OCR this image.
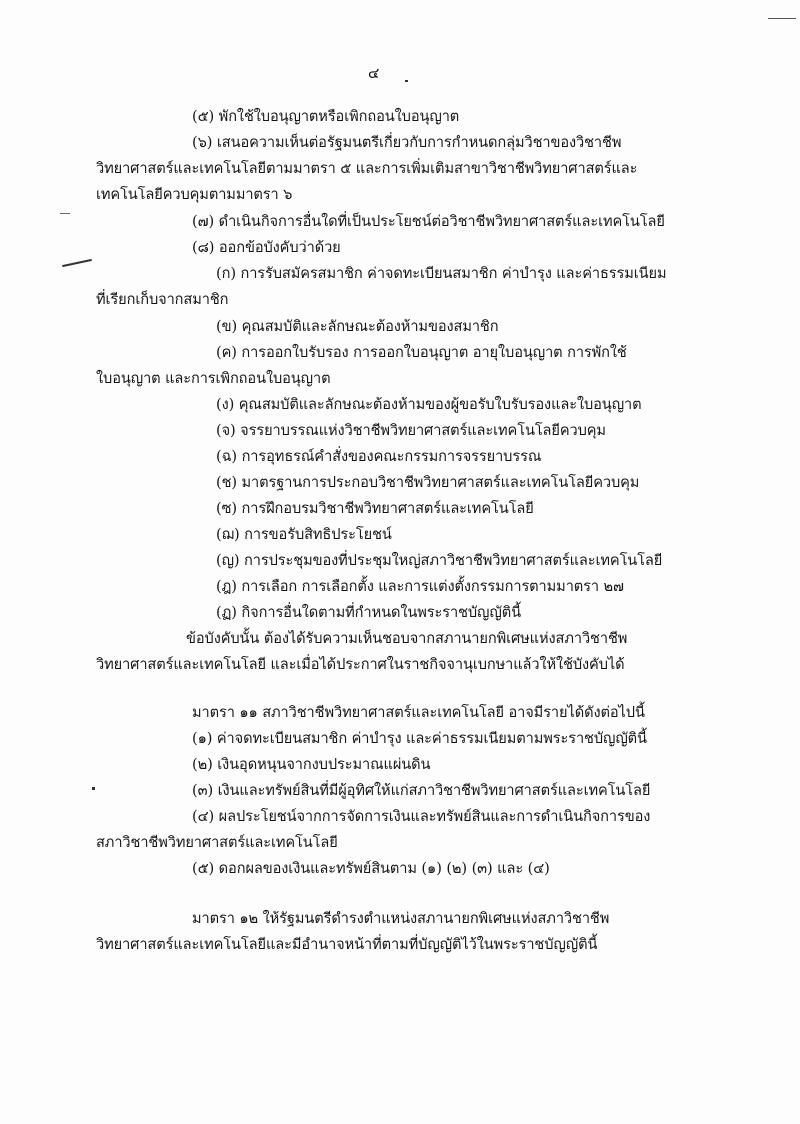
๔
(๕) พักใช้ใบอนุญาตหรือเพิกถอนใบอนุญาต
(๖) เสนอความเห็นต่อรัฐมนตรีเกี่ยวกับการกำหนดกลุ่มวิชาของวิชาชีพ
วิทยาศาสตร์และเทคโนโลยีตามมาตรา ๕ และการเพิ่มเติมสาขาวิชาชีพวิทยาศาสตร์และ
เทคโนโลยีควบคุมตามมาตรา ๖
(๗) ดำเนินกิจการอื่นใดที่เป็นประโยชน์ต่อวิชาชีพวิทยาศาสตร์และเทคโนโลยี
(๘) ออกข้อบังคับว่าด้วย
(ก) การรับสมัครสมาชิก ค่าจดทะเบียนสมาชิก ค่าบำรุง และค่าธรรมเนียม
ที่เรียกเก็บจากสมาชิก
(ข) คุณสมบัติและลักษณะต้องห้ามของสมาชิก
(ค) การออกใบรับรอง การออกใบอนุญาต อายุใบอนุญาต การพักใช้
ใบอนุญาต และการเพิกถอนใบอนุญาต
(ง) คุณสมบัติและลักษณะต้องห้ามของผู้ขอรับใบรับรองและใบอนุญาต
(จ) จรรยาบรรณแห่งวิชาชีพวิทยาศาสตร์และเทคโนโลยีควบคุม
(ฉ) การอุทธรณ์คำสั่งของคณะกรรมการจรรยาบรรณ
(ช) มาตรฐานการประกอบวิชาชีพวิทยาศาสตร์และเทคโนโลยีควบคุม
(ซ) การฝึกอบรมวิชาชีพวิทยาศาสตร์และเทคโนโลยี
(ฌ) การขอรับสิทธิประโยชน์
(ญ) การประชุมของที่ประชุมใหญ่สภาวิชาชีพวิทยาศาสตร์และเทคโนโลยี
(ฎ) การเลือก การเลือกตั้ง และการแต่งตั้งกรรมการตามมาตรา ๒๗
(ฏ) กิจการอื่นใดตามที่กำหนดในพระราชบัญญัตินี้
ข้อบังคับนั้น ต้องได้รับความเห็นชอบจากสภานายกพิเศษแห่งสภาวิชาชีพ
วิทยาศาสตร์และเทคโนโลยี และเมื่อได้ประกาศในราชกิจจานุเบกษาแล้วให้ใช้บังคับได้
มาตรา ๑๑ สภาวิชาชีพวิทยาศาสตร์และเทคโนโลยี อาจมีรายได้ดังต่อไปนี้
(๑) ค่าจดทะเบียนสมาชิก ค่าบำรุง และค่าธรรมเนียมตามพระราชบัญญัตินี้
(๒) เงินอุดหนุนจากงบประมาณแผ่นดิน
(๓) เงินและทรัพย์สินที่มีผู้อุทิศให้แก่สภาวิชาชีพวิทยาศาสตร์และเทคโนโลยี
(๔) ผลประโยชน์จากการจัดการเงินและทรัพย์สินและการดำเนินกิจการของ
สภาวิชาชีพวิทยาศาสตร์และเทคโนโลยี
(๕) ดอกผลของเงินและทรัพย์สินตาม (๑) (๒) (๓) และ (๔)
มาตรา ๑๒ ให้รัฐมนตรีดำรงตำแหน่งสภานายกพิเศษแห่งสภาวิชาชีพ
วิทยาศาสตร์และเทคโนโลยีและมีอำนาจหน้าที่ตามที่บัญญัติไว้ในพระราชบัญญัตินี้
